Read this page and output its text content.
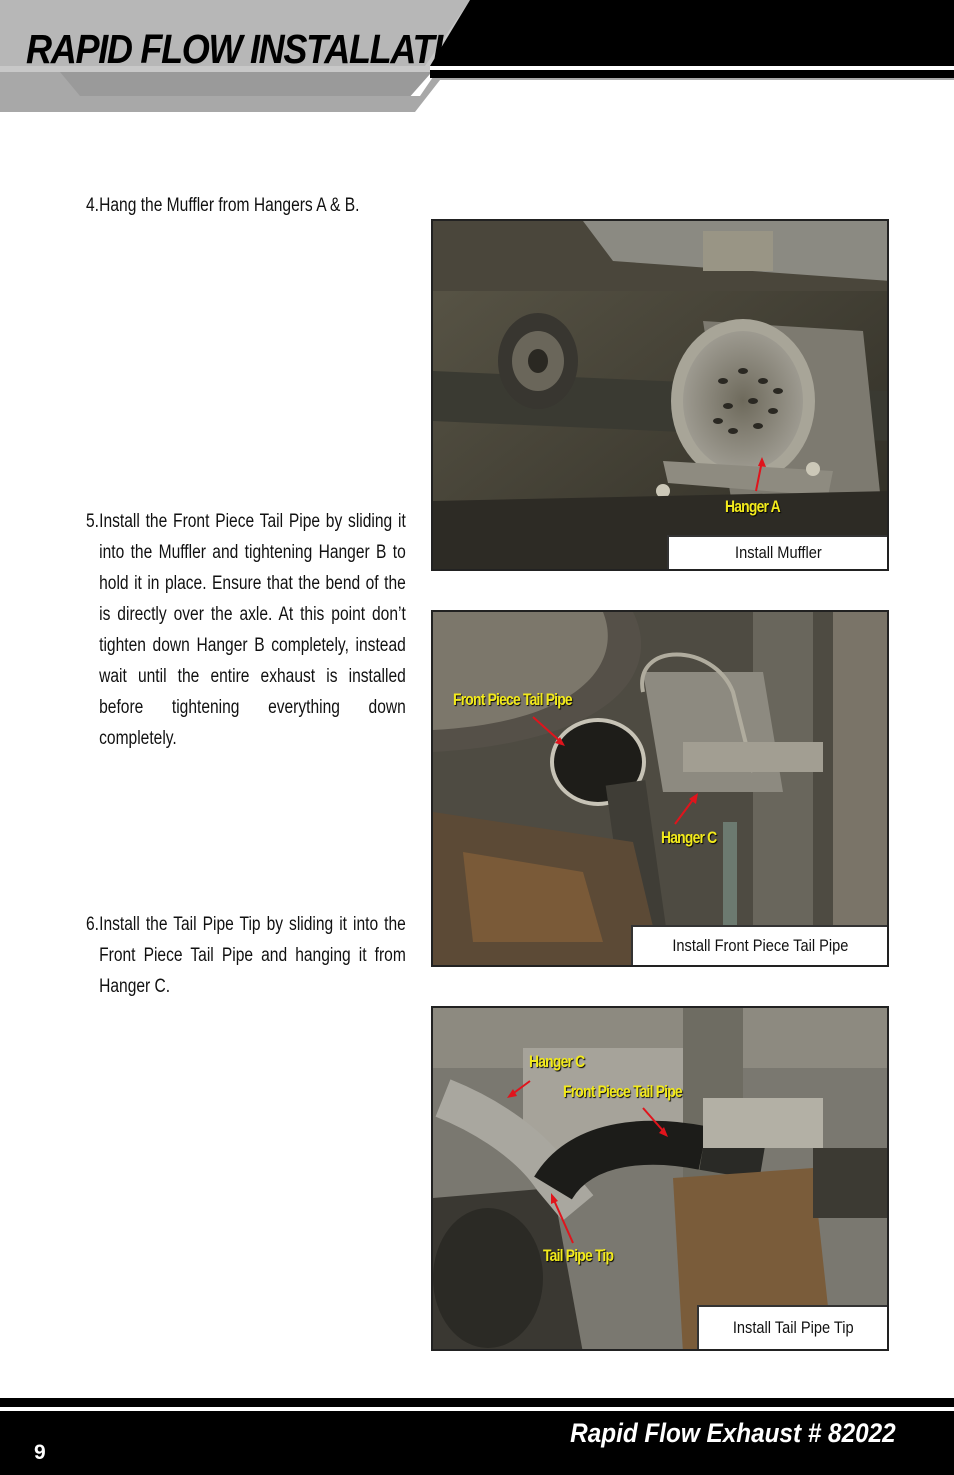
RAPID FLOW INSTALLATION
4. Hang the Muffler from Hangers A & B.
5. Install the Front Piece Tail Pipe by sliding it into the Muffler and tightening Hanger B to hold it in place. Ensure that the bend of the is directly over the axle. At this point don’t tighten down Hanger B completely, instead wait until the entire exhaust is installed before tightening everything down completely.
6. Install the Tail Pipe Tip by sliding it into the Front Piece Tail Pipe and hanging it from Hanger C.
Hanger A
Install Muffler
Front Piece Tail Pipe
Hanger C
Install Front Piece Tail Pipe
Hanger C
Front Piece Tail Pipe
Tail Pipe Tip
Install Tail Pipe Tip
9
Rapid Flow Exhaust # 82022
